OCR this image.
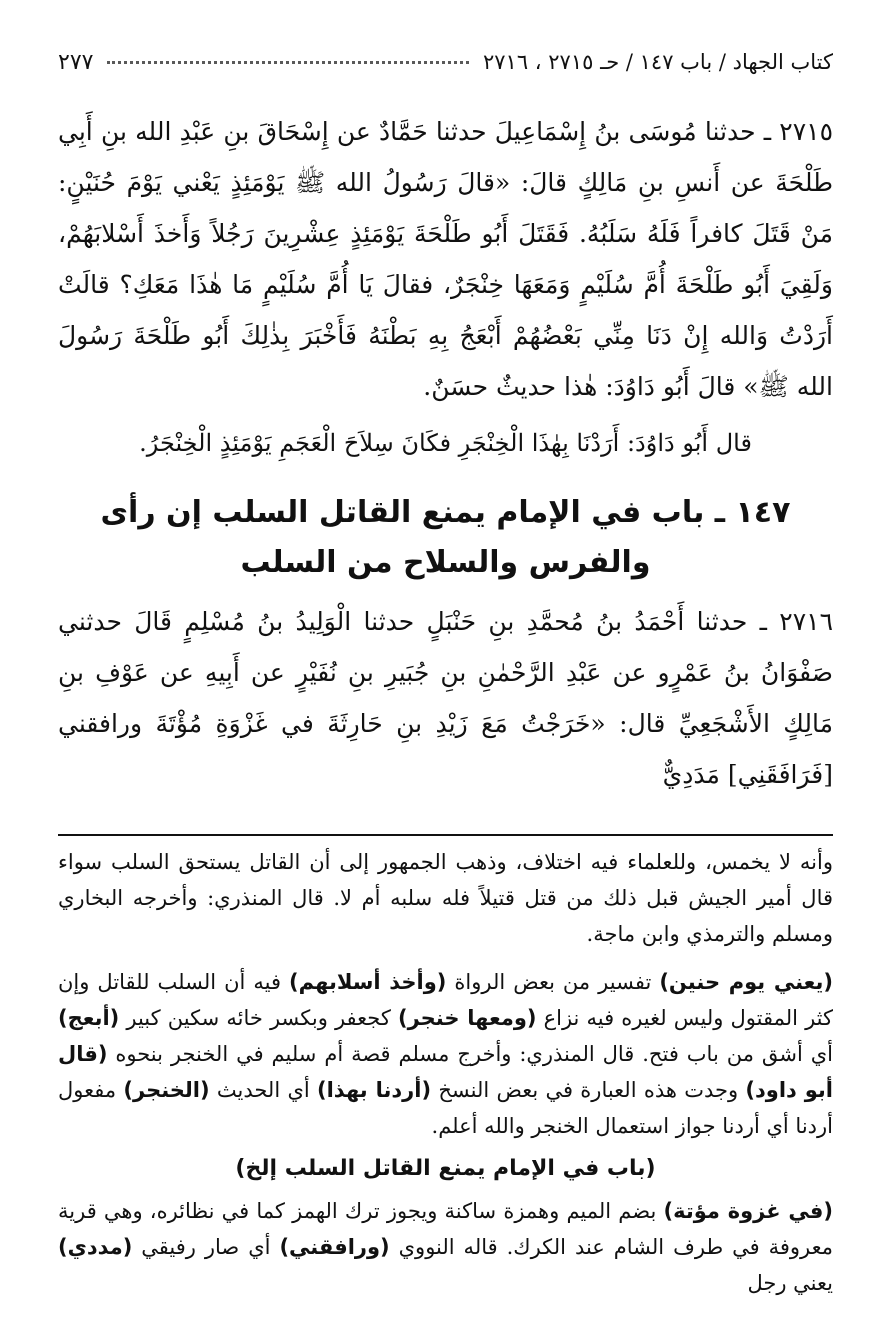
كتاب الجهاد / باب ١٤٧ / حـ ٢٧١٥ ، ٢٧١٦
٢٧٧

٢٧١٥ ـ حدثنا مُوسَى بنُ إِسْمَاعِيلَ حدثنا حَمَّادٌ عن إِسْحَاقَ بنِ عَبْدِ الله بنِ أَبِي طَلْحَةَ عن أَنسِ بنِ مَالِكٍ قالَ: «قالَ رَسُولُ الله ﷺ يَوْمَئِذٍ يَعْني يَوْمَ حُنَيْنٍ: مَنْ قَتَلَ كافراً فَلَهُ سَلَبُهُ. فَقَتَلَ أَبُو طَلْحَةَ يَوْمَئِذٍ عِشْرِينَ رَجُلاً وَأَخذَ أَسْلابَهُمْ، وَلَقِيَ أَبُو طَلْحَةَ أُمَّ سُلَيْمٍ وَمَعَهَا خِنْجَرٌ، فقالَ يَا أُمَّ سُلَيْمٍ مَا هٰذَا مَعَكِ؟ قالَتْ أَرَدْتُ وَالله إِنْ دَنَا مِنِّي بَعْضُهُمْ أَبْعَجُ بِهِ بَطْنَهُ فَأَخْبَرَ بِذٰلِكَ أَبُو طَلْحَةَ رَسُولَ الله ﷺ» قالَ أَبُو دَاوُدَ: هٰذا حديثٌ حسَنٌ.

قال أَبُو دَاوُدَ: أَرَدْنَا بِهٰذَا الْخِنْجَرِ فكَانَ سِلاَحَ الْعَجَمِ يَوْمَئِذٍ الْخِنْجَرُ.

١٤٧ ـ باب في الإمام يمنع القاتل السلب إن رأى
والفرس والسلاح من السلب

٢٧١٦ ـ حدثنا أَحْمَدُ بنُ مُحمَّدِ بنِ حَنْبَلٍ حدثنا الْوَلِيدُ بنُ مُسْلِمٍ قَالَ حدثني صَفْوَانُ بنُ عَمْرٍو عن عَبْدِ الرَّحْمٰنِ بنِ جُبَيرِ بنِ نُفَيْرٍ عن أَبِيهِ عن عَوْفِ بنِ مَالِكٍ الأَشْجَعِيِّ قال: «خَرَجْتُ مَعَ زَيْدِ بنِ حَارِثَةَ في غَزْوَةِ مُؤْتَةَ ورافقني [فَرَافَقَنِي] مَدَدِيٌّ

وأنه لا يخمس، وللعلماء فيه اختلاف، وذهب الجمهور إلى أن القاتل يستحق السلب سواء قال أمير الجيش قبل ذلك من قتل قتيلاً فله سلبه أم لا. قال المنذري: وأخرجه البخاري ومسلم والترمذي وابن ماجة.

(يعني يوم حنين) تفسير من بعض الرواة (وأخذ أسلابهم) فيه أن السلب للقاتل وإن كثر المقتول وليس لغيره فيه نزاع (ومعها خنجر) كجعفر وبكسر خائه سكين كبير (أبعج) أي أشق من باب فتح. قال المنذري: وأخرج مسلم قصة أم سليم في الخنجر بنحوه (قال أبو داود) وجدت هذه العبارة في بعض النسخ (أردنا بهذا) أي الحديث (الخنجر) مفعول أردنا أي أردنا جواز استعمال الخنجر والله أعلم.

(باب في الإمام يمنع القاتل السلب إلخ)

(في غزوة مؤتة) بضم الميم وهمزة ساكنة ويجوز ترك الهمز كما في نظائره، وهي قرية معروفة في طرف الشام عند الكرك. قاله النووي (ورافقني) أي صار رفيقي (مددي) يعني رجل
